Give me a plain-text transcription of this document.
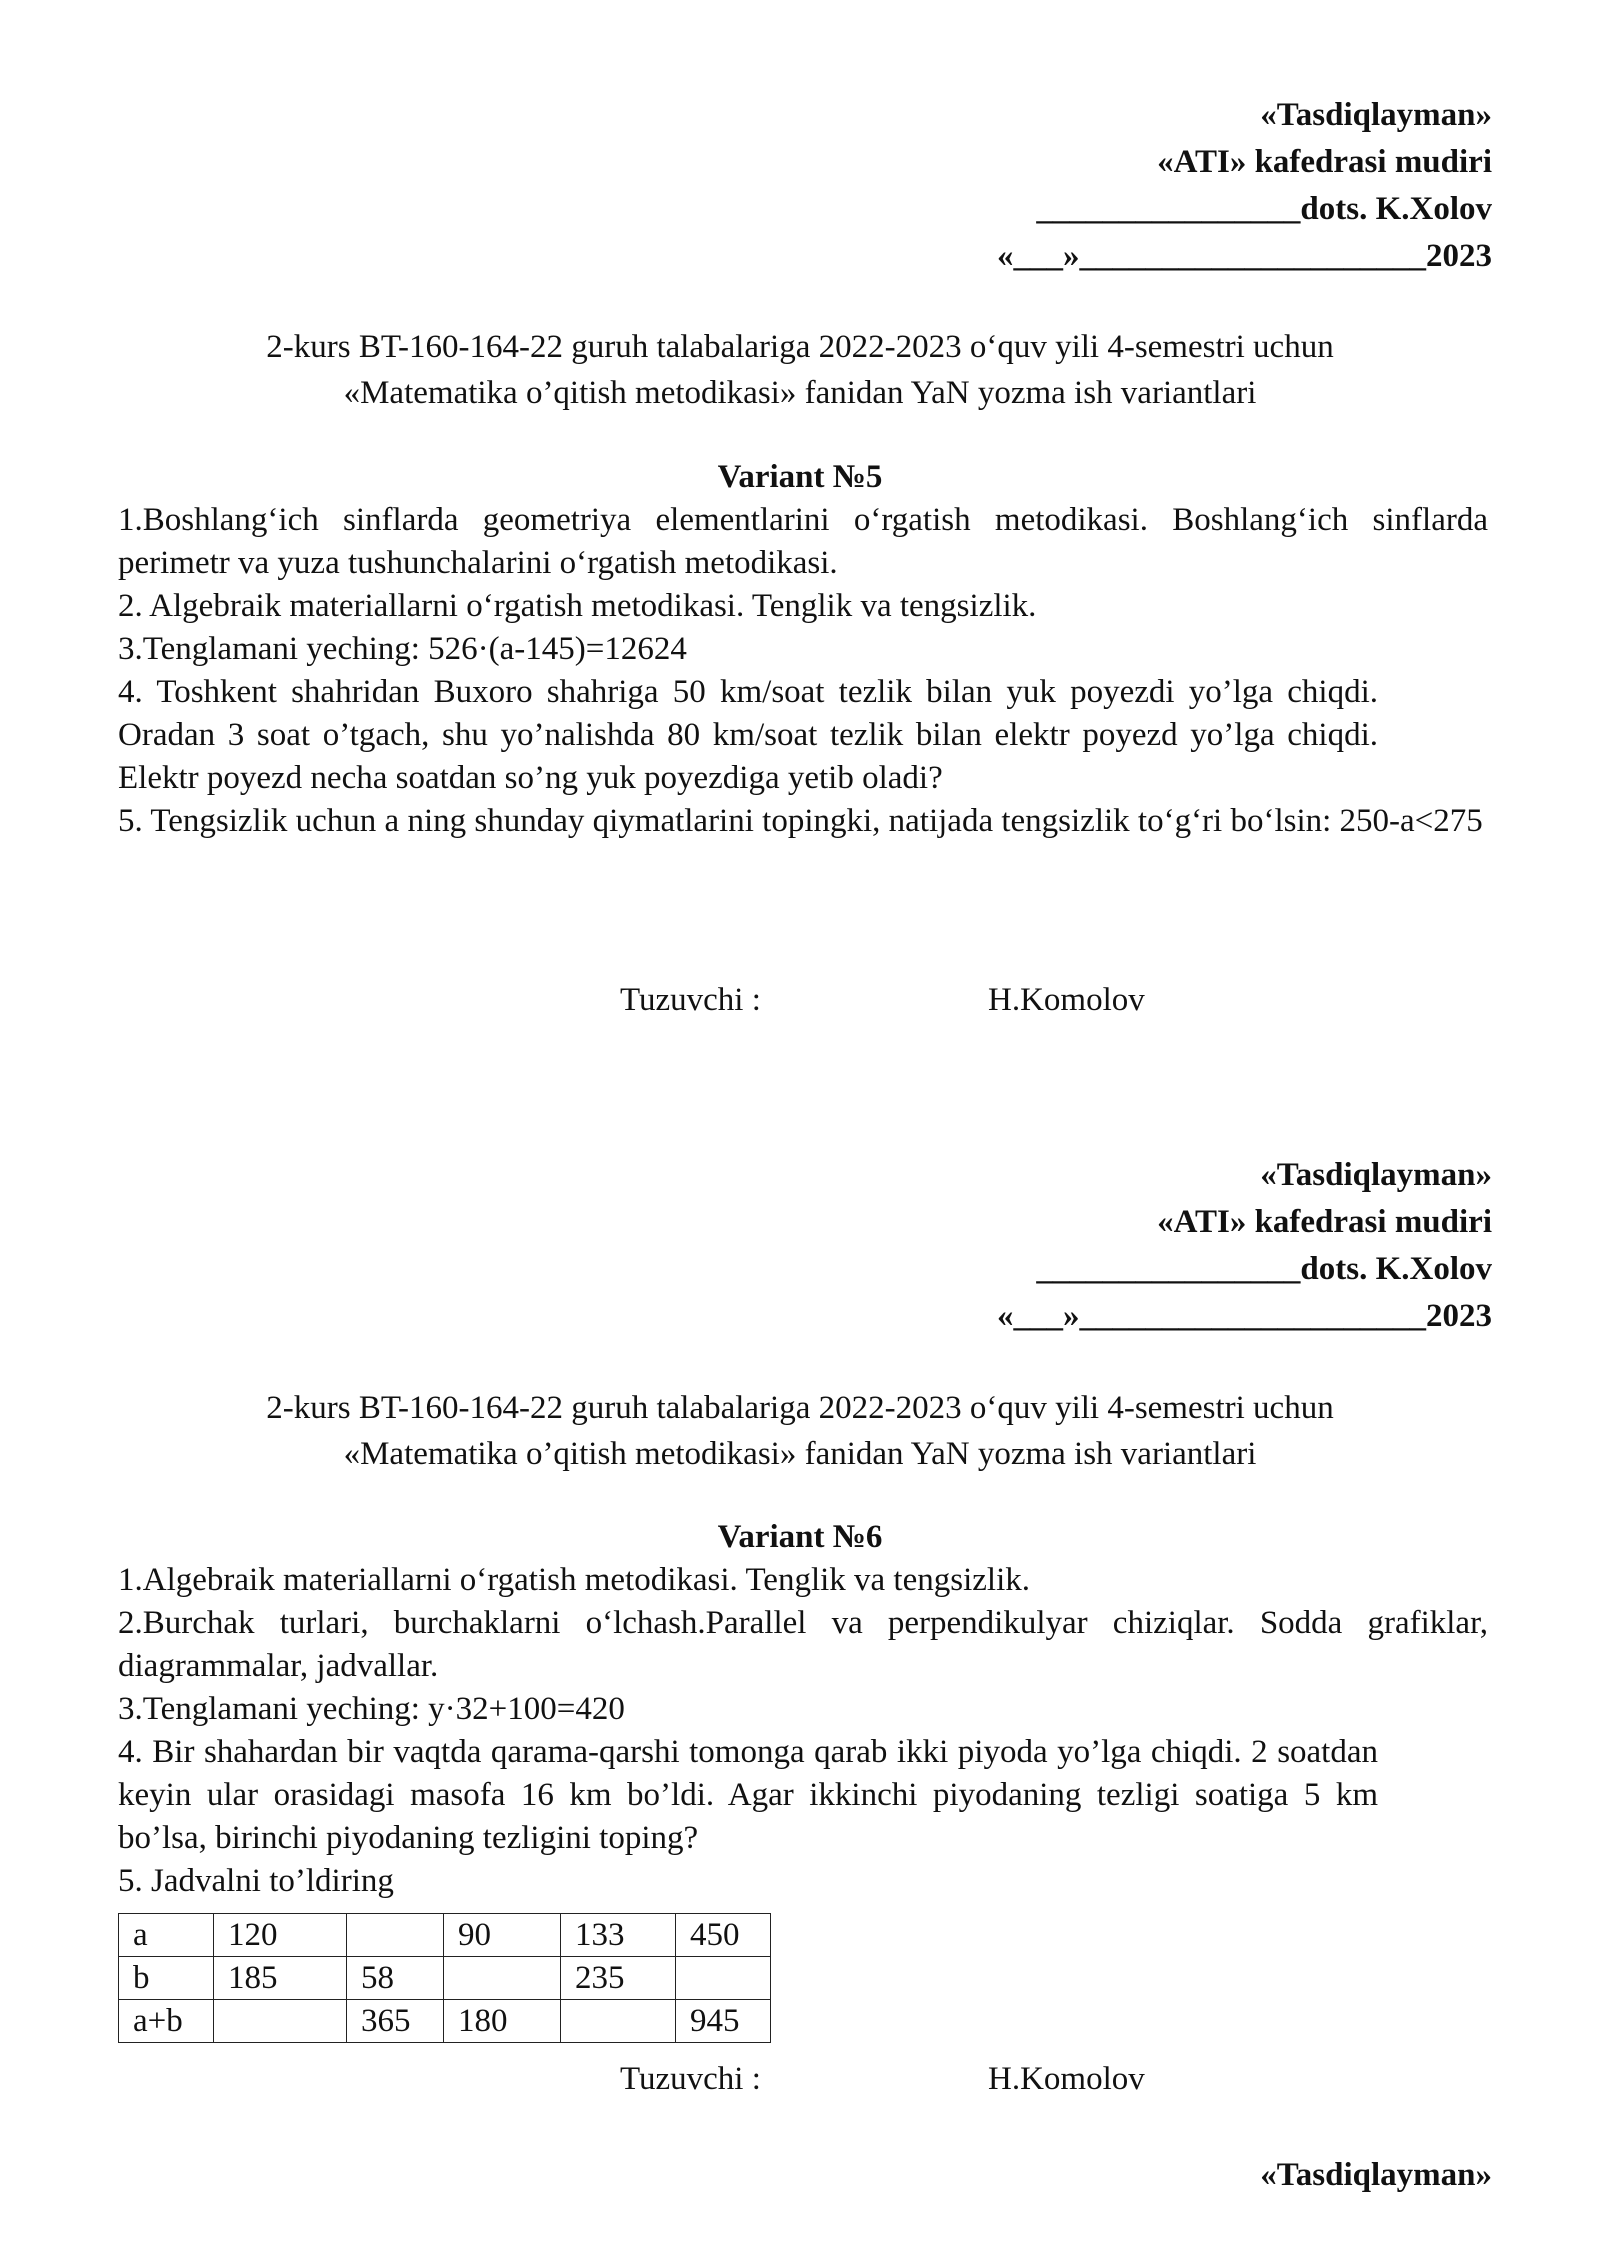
«Tasdiqlayman»
«ATI» kafedrasi mudiri
________________dots. K.Xolov
«___»_____________________2023
2-kurs BT-160-164-22 guruh talabalariga 2022-2023 o‘quv yili 4-semestri uchun
«Matematika o’qitish metodikasi» fanidan YaN yozma ish variantlari
Variant №5

1.Boshlang‘ich sinflarda geometriya elementlarini o‘rgatish metodikasi. Boshlang‘ich sinflarda perimetr va yuza tushunchalarini o‘rgatish metodikasi.

2. Algebraik materiallarni o‘rgatish metodikasi. Tenglik va tengsizlik.

3.Tenglamani yeching: 526·(a-145)=12624

4. Toshkent shahridan Buxoro shahriga 50 km/soat tezlik bilan yuk poyezdi yo’lga chiqdi. Oradan 3 soat o’tgach, shu yo’nalishda 80 km/soat tezlik bilan elektr poyezd yo’lga chiqdi. Elektr poyezd necha soatdan so’ng yuk poyezdiga yetib oladi?

5. Tengsizlik uchun a ning shunday qiymatlarini topingki, natijada tengsizlik to‘g‘ri bo‘lsin: 250-a<275

Tuzuvchi :	H.Komolov
«Tasdiqlayman»
«ATI» kafedrasi mudiri
________________dots. K.Xolov
«___»_____________________2023
2-kurs BT-160-164-22 guruh talabalariga 2022-2023 o‘quv yili 4-semestri uchun
«Matematika o’qitish metodikasi» fanidan YaN yozma ish variantlari
Variant №6

1.Algebraik materiallarni o‘rgatish metodikasi. Tenglik va tengsizlik.

2.Burchak turlari, burchaklarni o‘lchash.Parallel va perpendikulyar chiziqlar. Sodda grafiklar, diagrammalar, jadvallar.

3.Tenglamani yeching: y·32+100=420

4. Bir shahardan bir vaqtda qarama-qarshi tomonga qarab ikki piyoda yo’lga chiqdi. 2 soatdan keyin ular orasidagi masofa 16 km bo’ldi. Agar ikkinchi piyodaning tezligi soatiga 5 km bo’lsa, birinchi piyodaning tezligini toping?

5. Jadvalni to’ldiring

a	120		90	133	450
b	185	58		235	
a+b		365	180		945
Tuzuvchi :	H.Komolov
«Tasdiqlayman»
